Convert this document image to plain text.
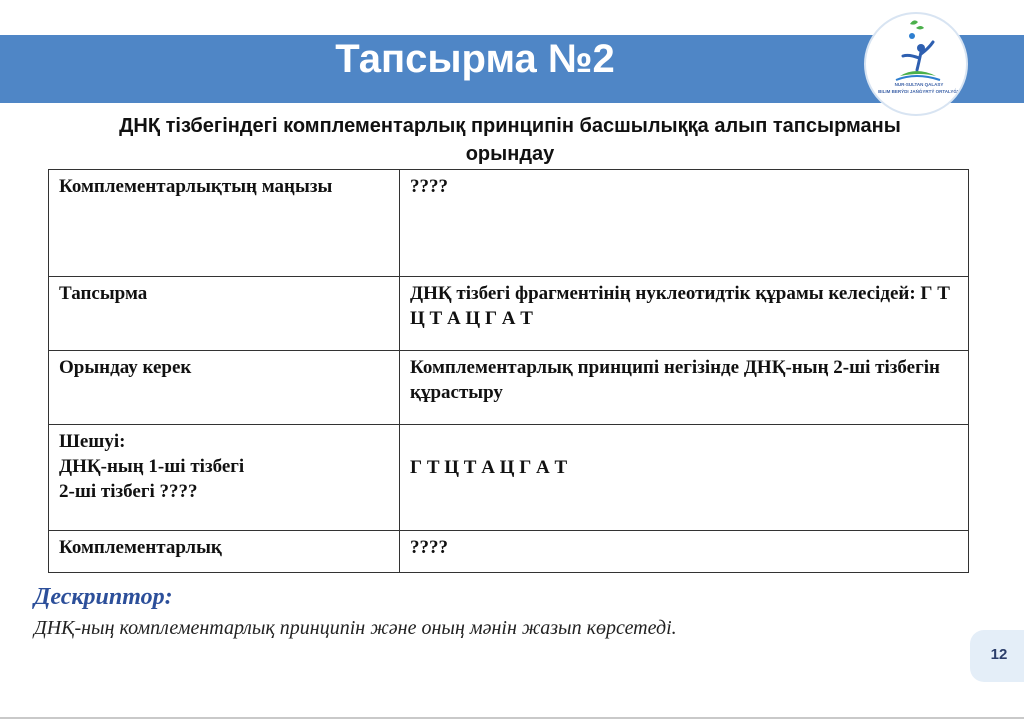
Тапсырма №2
NUR-SULTAN QALASY
BILIM BERÝDI JAŃǴYRTÝ ORTALYǴY
ДНҚ тізбегіндегі комплементарлық принципін басшылыққа алып тапсырманы орындау
Комплементарлықтың маңызы	????
Тапсырма	ДНҚ тізбегі фрагментінің нуклеотидтік құрамы келесідей: Г Т Ц Т А Ц Г А Т
Орындау керек	Комплементарлық принципі негізінде ДНҚ-ның 2-ші тізбегін құрастыру

Шешуі:
ДНҚ-ның 1-ші тізбегі
2-ші тізбегі ????	Г Т Ц Т А Ц Г А Т
Комплементарлық	????
Дескриптор:
ДНҚ-ның комплементарлық принципін және оның мәнін жазып көрсетеді.
12
